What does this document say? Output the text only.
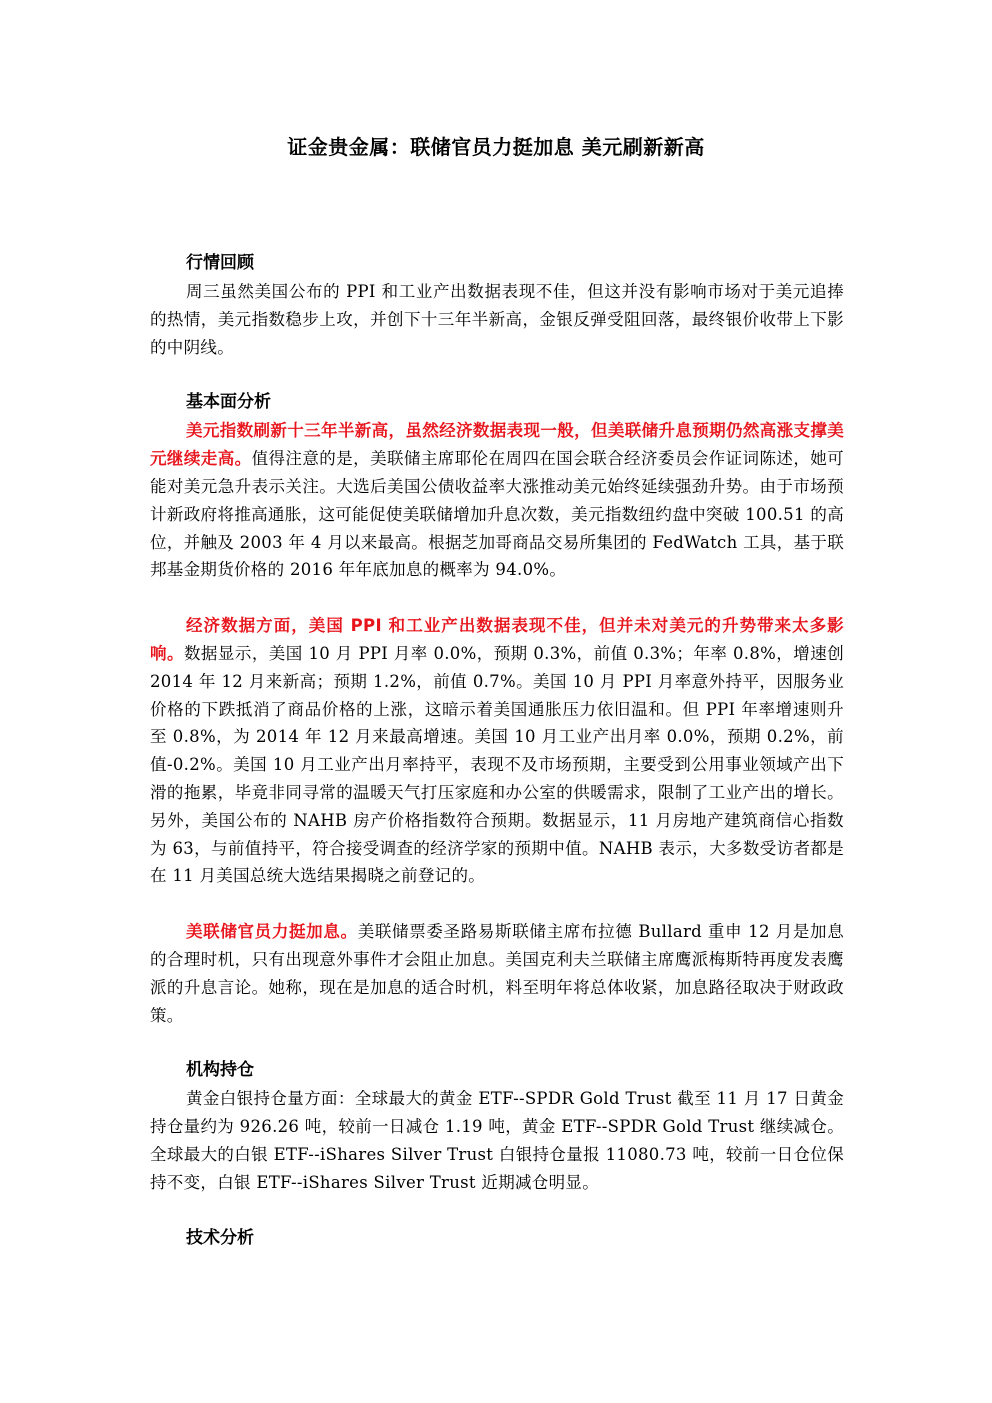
证金贵金属：联储官员力挺加息 美元刷新新高
行情回顾

周三虽然美国公布的 PPI 和工业产出数据表现不佳，但这并没有影响市场对于美元追捧的热情，美元指数稳步上攻，并创下十三年半新高，金银反弹受阻回落，最终银价收带上下影的中阴线。

基本面分析

美元指数刷新十三年半新高，虽然经济数据表现一般，但美联储升息预期仍然高涨支撑美元继续走高。值得注意的是，美联储主席耶伦在周四在国会联合经济委员会作证词陈述，她可能对美元急升表示关注。大选后美国公债收益率大涨推动美元始终延续强劲升势。由于市场预计新政府将推高通胀，这可能促使美联储增加升息次数，美元指数纽约盘中突破 100.51 的高位，并触及 2003 年 4 月以来最高。根据芝加哥商品交易所集团的 FedWatch 工具，基于联邦基金期货价格的 2016 年年底加息的概率为 94.0%。

经济数据方面，美国 PPI 和工业产出数据表现不佳，但并未对美元的升势带来太多影响。数据显示，美国 10 月 PPI 月率 0.0%，预期 0.3%，前值 0.3%；年率 0.8%，增速创 2014 年 12 月来新高；预期 1.2%，前值 0.7%。美国 10 月 PPI 月率意外持平，因服务业价格的下跌抵消了商品价格的上涨，这暗示着美国通胀压力依旧温和。但 PPI 年率增速则升至 0.8%，为 2014 年 12 月来最高增速。美国 10 月工业产出月率 0.0%，预期 0.2%，前值-0.2%。美国 10 月工业产出月率持平，表现不及市场预期，主要受到公用事业领域产出下滑的拖累，毕竟非同寻常的温暖天气打压家庭和办公室的供暖需求，限制了工业产出的增长。另外，美国公布的 NAHB 房产价格指数符合预期。数据显示，11 月房地产建筑商信心指数为 63，与前值持平，符合接受调查的经济学家的预期中值。NAHB 表示，大多数受访者都是在 11 月美国总统大选结果揭晓之前登记的。

美联储官员力挺加息。美联储票委圣路易斯联储主席布拉德 Bullard 重申 12 月是加息的合理时机，只有出现意外事件才会阻止加息。美国克利夫兰联储主席鹰派梅斯特再度发表鹰派的升息言论。她称，现在是加息的适合时机，料至明年将总体收紧，加息路径取决于财政政策。

机构持仓

黄金白银持仓量方面：全球最大的黄金 ETF--SPDR Gold Trust 截至 11 月 17 日黄金持仓量约为 926.26 吨，较前一日减仓 1.19 吨，黄金 ETF--SPDR Gold Trust 继续减仓。全球最大的白银 ETF--iShares Silver Trust 白银持仓量报 11080.73 吨，较前一日仓位保持不变，白银 ETF--iShares Silver Trust 近期减仓明显。

技术分析
